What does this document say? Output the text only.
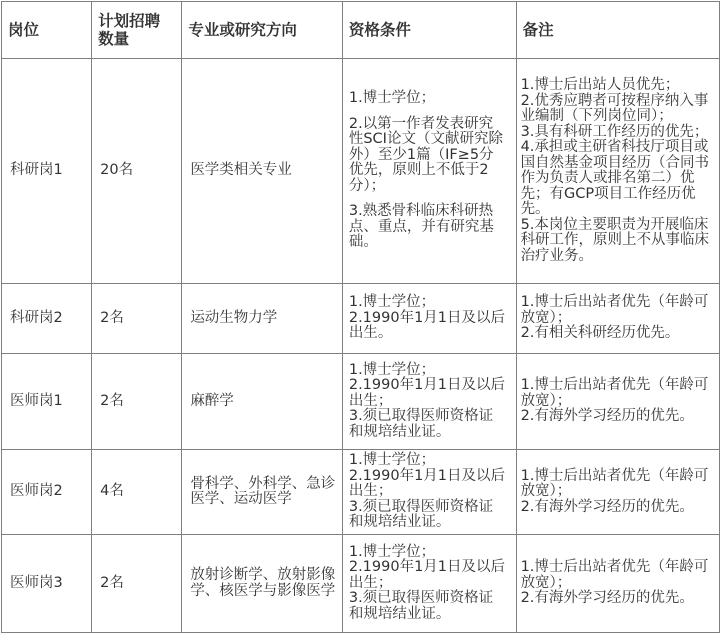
岗位	计划招聘数量	专业或研究方向	资格条件	备注
科研岗1	20名	医学类相关专业	1.博士学位；
2.以第一作者发表研究性SCI论文（文献研究除外）至少1篇（IF≥5分优先，原则上不低于2分）；
3.熟悉骨科临床科研热点、重点，并有研究基础。	1.博士后出站人员优先；
2.优秀应聘者可按程序纳入事业编制（下列岗位同）；
3.具有科研工作经历的优先；
4.承担或主研省科技厅项目或国自然基金项目经历（合同书作为负责人或排名第二）优先；有GCP项目工作经历优先。
5.本岗位主要职责为开展临床科研工作，原则上不从事临床治疗业务。

科研岗2	2名	运动生物力学	1.博士学位；
2.1990年1月1日及以后出生。	1.博士后出站者优先（年龄可放宽）；
2.有相关科研经历优先。

医师岗1	2名	麻醉学	1.博士学位；
2.1990年1月1日及以后出生；
3.须已取得医师资格证和规培结业证。	1.博士后出站者优先（年龄可放宽）；
2.有海外学习经历的优先。

医师岗2	4名	骨科学、外科学、急诊医学、运动医学	1.博士学位；
2.1990年1月1日及以后出生；
3.须已取得医师资格证和规培结业证。	1.博士后出站者优先（年龄可放宽）；
2.有海外学习经历的优先。

医师岗3	2名	放射诊断学、放射影像学、核医学与影像医学	1.博士学位；
2.1990年1月1日及以后出生；
3.须已取得医师资格证和规培结业证。	1.博士后出站者优先（年龄可放宽）；
2.有海外学习经历的优先。
